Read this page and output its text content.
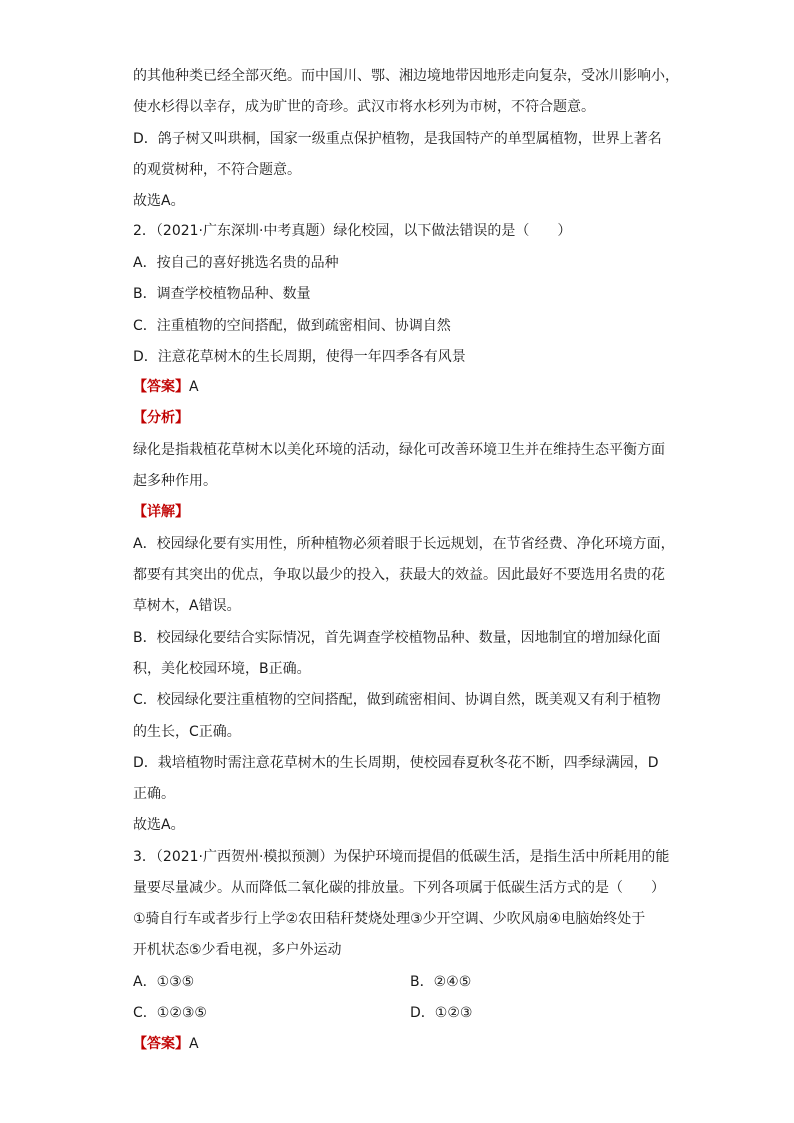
的其他种类已经全部灭绝。而中国川、鄂、湘边境地带因地形走向复杂，受冰川影响小，
使水杉得以幸存，成为旷世的奇珍。武汉市将水杉列为市树，不符合题意。
D．鸽子树又叫珙桐，国家一级重点保护植物，是我国特产的单型属植物，世界上著名
的观赏树种，不符合题意。
故选A。
2．（2021·广东深圳·中考真题）绿化校园，以下做法错误的是（　　）
A．按自己的喜好挑选名贵的品种
B．调查学校植物品种、数量
C．注重植物的空间搭配，做到疏密相间、协调自然
D．注意花草树木的生长周期，使得一年四季各有风景
【答案】A
【分析】
绿化是指栽植花草树木以美化环境的活动，绿化可改善环境卫生并在维持生态平衡方面
起多种作用。
【详解】
A．校园绿化要有实用性，所种植物必须着眼于长远规划，在节省经费、净化环境方面，
都要有其突出的优点，争取以最少的投入，获最大的效益。因此最好不要选用名贵的花
草树木，A错误。
B．校园绿化要结合实际情况，首先调查学校植物品种、数量，因地制宜的增加绿化面
积，美化校园环境，B正确。
C．校园绿化要注重植物的空间搭配，做到疏密相间、协调自然，既美观又有利于植物
的生长，C正确。
D．栽培植物时需注意花草树木的生长周期，使校园春夏秋冬花不断，四季绿满园，D
正确。
故选A。
3．（2021·广西贺州·模拟预测）为保护环境而提倡的低碳生活，是指生活中所耗用的能
量要尽量减少。从而降低二氧化碳的排放量。下列各项属于低碳生活方式的是（　　）
①骑自行车或者步行上学②农田秸秆焚烧处理③少开空调、少吹风扇④电脑始终处于
开机状态⑤少看电视，多户外运动
A．①③⑤	B．②④⑤
C．①②③⑤	D．①②③
【答案】A
